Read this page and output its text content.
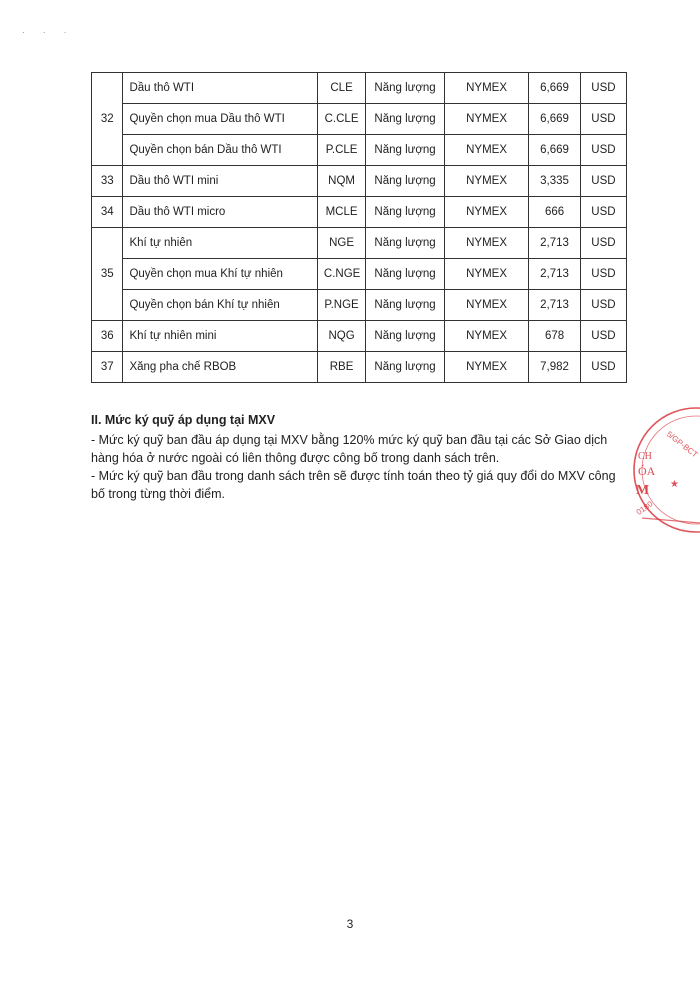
· · ·
32	Dầu thô WTI	CLE	Năng lượng	NYMEX	6,669	USD
	Quyền chọn mua Dầu thô WTI	C.CLE	Năng lượng	NYMEX	6,669	USD
	Quyền chọn bán Dầu thô WTI	P.CLE	Năng lượng	NYMEX	6,669	USD
33	Dầu thô WTI mini	NQM	Năng lượng	NYMEX	3,335	USD
34	Dầu thô WTI micro	MCLE	Năng lượng	NYMEX	666	USD
35	Khí tự nhiên	NGE	Năng lượng	NYMEX	2,713	USD
	Quyền chọn mua Khí tự nhiên	C.NGE	Năng lượng	NYMEX	2,713	USD
	Quyền chọn bán Khí tự nhiên	P.NGE	Năng lượng	NYMEX	2,713	USD
36	Khí tự nhiên mini	NQG	Năng lượng	NYMEX	678	USD
37	Xăng pha chế RBOB	RBE	Năng lượng	NYMEX	7,982	USD
II. Mức ký quỹ áp dụng tại MXV
- Mức ký quỹ ban đầu áp dụng tại MXV bằng 120% mức ký quỹ ban đầu tại các Sở Giao dịch hàng hóa ở nước ngoài có liên thông được công bố trong danh sách trên.
- Mức ký quỹ ban đầu trong danh sách trên sẽ được tính toán theo tỷ giá quy đổi do MXV công bố trong từng thời điểm.
5/GP-BCT
CH
ÓA
M ★
0180
3
